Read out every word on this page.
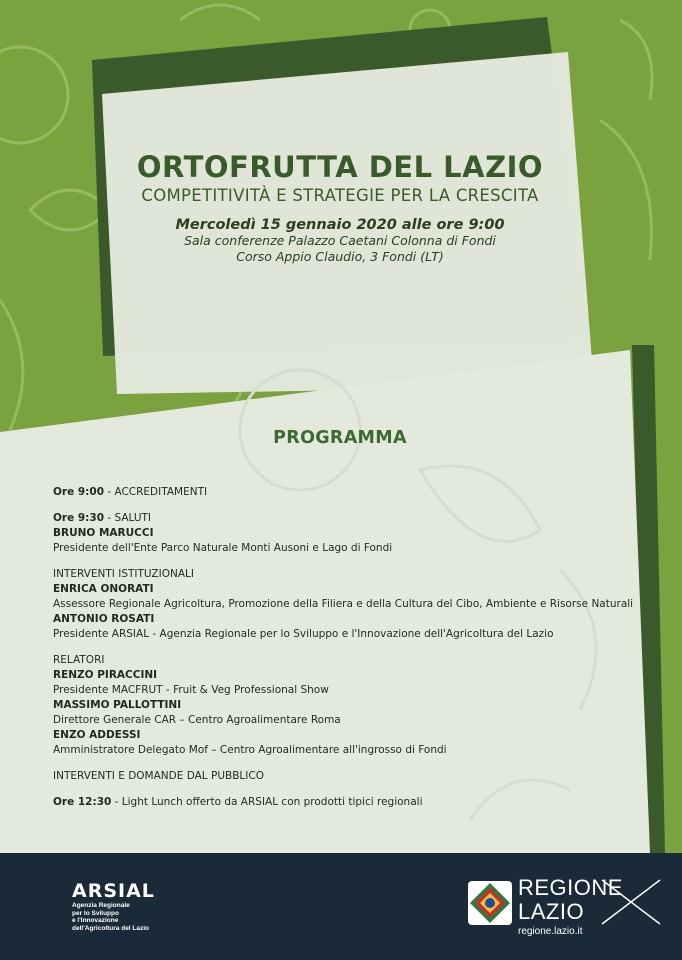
ORTOFRUTTA DEL LAZIO
COMPETITIVITÀ E STRATEGIE PER LA CRESCITA
Mercoledì 15 gennaio 2020 alle ore 9:00
Sala conferenze Palazzo Caetani Colonna di Fondi
Corso Appio Claudio, 3 Fondi (LT)
PROGRAMMA
Ore 9:00 - ACCREDITAMENTI
Ore 9:30 - SALUTI
BRUNO MARUCCI
Presidente dell'Ente Parco Naturale Monti Ausoni e Lago di Fondi
INTERVENTI ISTITUZIONALI
ENRICA ONORATI
Assessore Regionale Agricoltura, Promozione della Filiera e della Cultura del Cibo, Ambiente e Risorse Naturali
ANTONIO ROSATI
Presidente ARSIAL - Agenzia Regionale per lo Sviluppo e l'Innovazione dell'Agricoltura del Lazio
RELATORI
RENZO PIRACCINI
Presidente MACFRUT - Fruit & Veg Professional Show
MASSIMO PALLOTTINI
Direttore Generale CAR – Centro Agroalimentare Roma
ENZO ADDESSI
Amministratore Delegato Mof – Centro Agroalimentare all'ingrosso di Fondi
INTERVENTI E DOMANDE DAL PUBBLICO
Ore 12:30 - Light Lunch offerto da ARSIAL con prodotti tipici regionali
ARSIAL
Agenzia Regionale
per lo Sviluppo
e l'Innovazione
dell'Agricoltura del Lazio
REGIONE
LAZIO
regione.lazio.it
